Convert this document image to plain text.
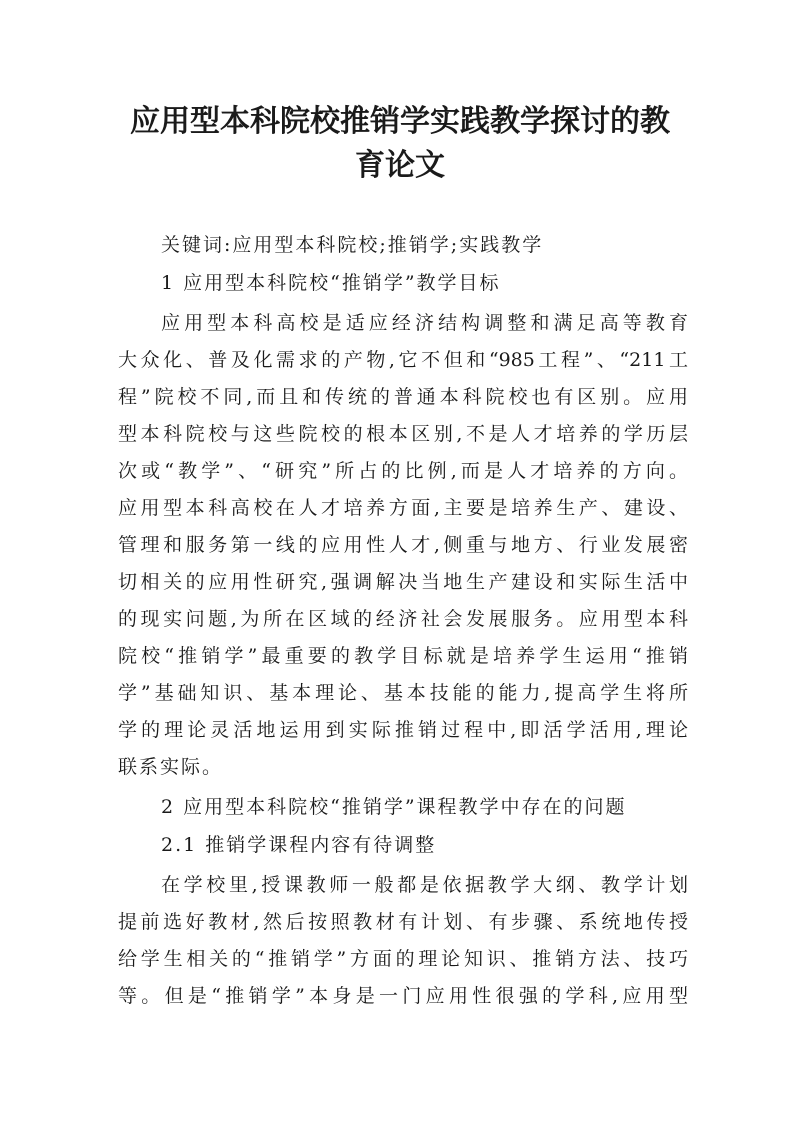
应用型本科院校推销学实践教学探讨的教
育论文

关键词:应用型本科院校;推销学;实践教学

1 应用型本科院校“推销学”教学目标

应用型本科高校是适应经济结构调整和满足高等教育

大众化、普及化需求的产物,它不但和“985工程”、“211工

程”院校不同,而且和传统的普通本科院校也有区别。应用

型本科院校与这些院校的根本区别,不是人才培养的学历层

次或“教学”、“研究”所占的比例,而是人才培养的方向。

应用型本科高校在人才培养方面,主要是培养生产、建设、

管理和服务第一线的应用性人才,侧重与地方、行业发展密

切相关的应用性研究,强调解决当地生产建设和实际生活中

的现实问题,为所在区域的经济社会发展服务。应用型本科

院校“推销学”最重要的教学目标就是培养学生运用“推销

学”基础知识、基本理论、基本技能的能力,提高学生将所

学的理论灵活地运用到实际推销过程中,即活学活用,理论

联系实际。

2 应用型本科院校“推销学”课程教学中存在的问题

2.1 推销学课程内容有待调整

在学校里,授课教师一般都是依据教学大纲、教学计划

提前选好教材,然后按照教材有计划、有步骤、系统地传授

给学生相关的“推销学”方面的理论知识、推销方法、技巧

等。但是“推销学”本身是一门应用性很强的学科,应用型
